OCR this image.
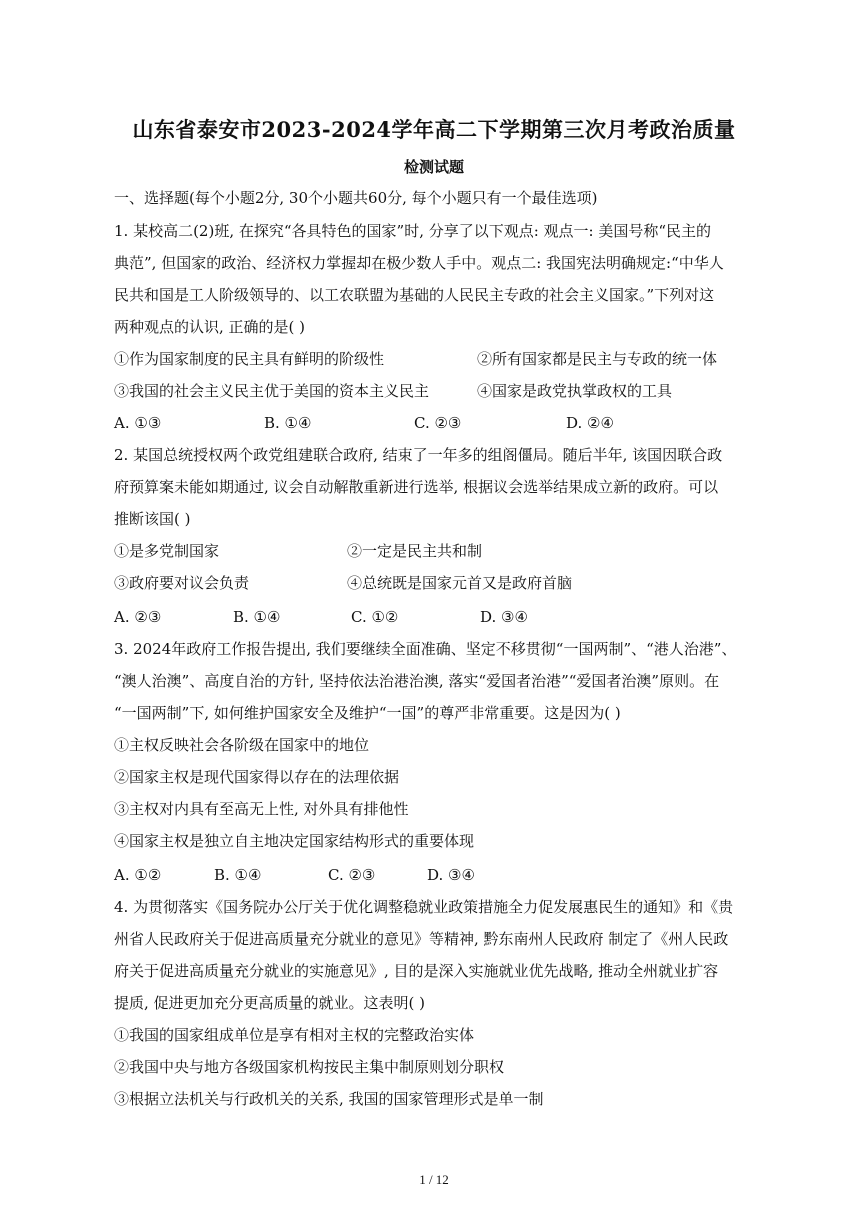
山东省泰安市2023-2024学年高二下学期第三次月考政治质量
检测试题
一、选择题(每个小题2分, 30个小题共60分, 每个小题只有一个最佳选项)
1. 某校高二(2)班, 在探究“各具特色的国家”时, 分享了以下观点: 观点一: 美国号称“民主的
典范”, 但国家的政治、经济权力掌握却在极少数人手中。观点二: 我国宪法明确规定:“中华人
民共和国是工人阶级领导的、以工农联盟为基础的人民民主专政的社会主义国家。”下列对这
两种观点的认识, 正确的是( )
①作为国家制度的民主具有鲜明的阶级性	②所有国家都是民主与专政的统一体
③我国的社会主义民主优于美国的资本主义民主	④国家是政党执掌政权的工具
A. ①③	B. ①④	C. ②③	D. ②④
2. 某国总统授权两个政党组建联合政府, 结束了一年多的组阁僵局。随后半年, 该国因联合政
府预算案未能如期通过, 议会自动解散重新进行选举, 根据议会选举结果成立新的政府。可以
推断该国( )
①是多党制国家	②一定是民主共和制
③政府要对议会负责	④总统既是国家元首又是政府首脑
A. ②③	B. ①④	C. ①②	D. ③④
3. 2024年政府工作报告提出, 我们要继续全面准确、坚定不移贯彻“一国两制”、“港人治港”、
“澳人治澳”、高度自治的方针, 坚持依法治港治澳, 落实“爱国者治港”“爱国者治澳”原则。在
“一国两制”下, 如何维护国家安全及维护“一国”的尊严非常重要。这是因为( )
①主权反映社会各阶级在国家中的地位
②国家主权是现代国家得以存在的法理依据
③主权对内具有至高无上性, 对外具有排他性
④国家主权是独立自主地决定国家结构形式的重要体现
A. ①②	B. ①④	C. ②③	D. ③④
4. 为贯彻落实《国务院办公厅关于优化调整稳就业政策措施全力促发展惠民生的通知》和《贵
州省人民政府关于促进高质量充分就业的意见》等精神, 黔东南州人民政府 制定了《州人民政
府关于促进高质量充分就业的实施意见》, 目的是深入实施就业优先战略, 推动全州就业扩容
提质, 促进更加充分更高质量的就业。这表明( )
①我国的国家组成单位是享有相对主权的完整政治实体
②我国中央与地方各级国家机构按民主集中制原则划分职权
③根据立法机关与行政机关的关系, 我国的国家管理形式是单一制
1 / 12
